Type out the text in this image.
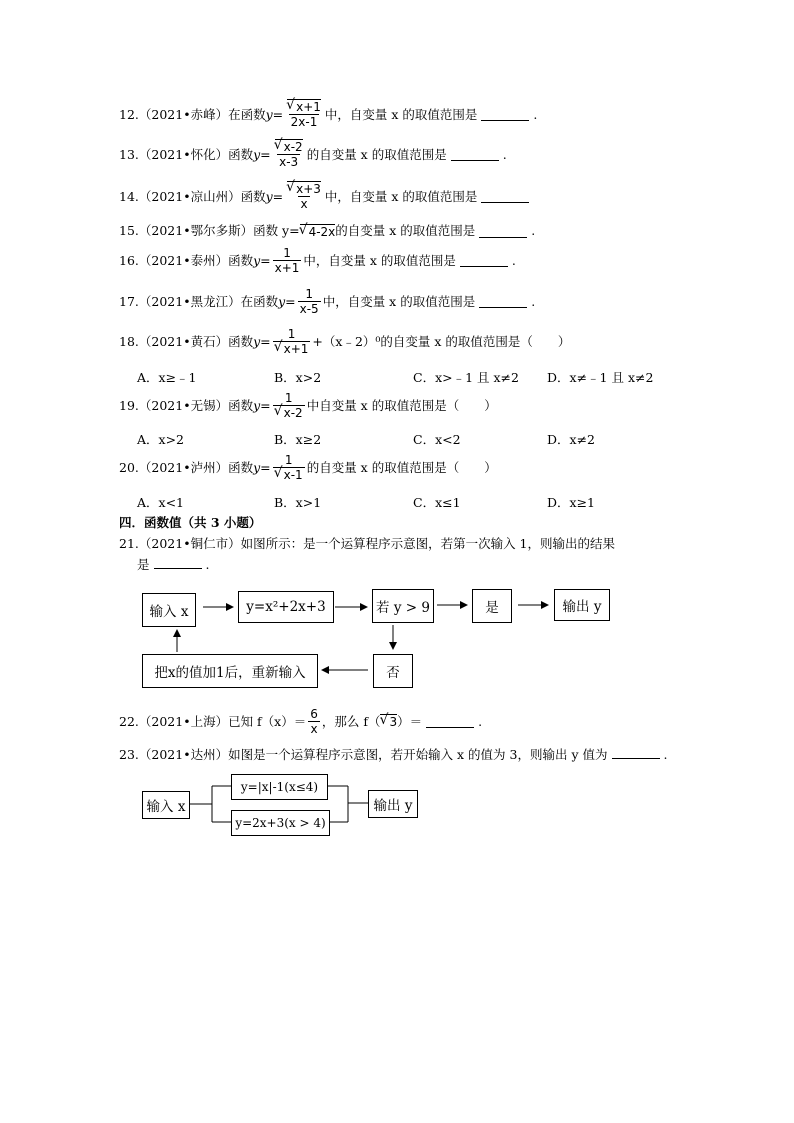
12.（2021•赤峰）在函数 y= √ $\frac{x+1}{2x-1}$ 中，自变量 x 的取值范围是	.
13.（2021•怀化）函数 y= √ $\frac{x-2}{x-3}$ 的自变量 x 的取值范围是	.
14.（2021•凉山州）函数 y= √ $\frac{x+3}{x}$ 中，自变量 x 的取值范围是
15.（2021•鄂尔多斯）函数 y= √ 4-2x 的自变量 x 的取值范围是	.
16.（2021•泰州）函数 $y= \frac{1}{x+1}$ 中，自变量 x 的取值范围是	.
17.（2021•黑龙江）在函数 $y= \frac{1}{x-5}$ 中，自变量 x 的取值范围是	.
18.（2021•黄石）函数 y= 1
√ x+1 +（x﹣2）⁰的自变量 x 的取值范围是（　　）
A．x≥﹣1	B．x>2	C．x>﹣1 且 x≠2 D．x≠﹣1 且 x≠2
19.（2021•无锡）函数 y= 1
√ x-2 中自变量 x 的取值范围是（　　）
A．x>2	B．x≥2	C．x<2	D．x≠2
20.（2021•泸州）函数 y= 1
√ x-1 的自变量 x 的取值范围是（　　）
A．x<1	B．x>1	C．x≤1	D．x≥1
四．函数值（共 3 小题）
21.（2021•铜仁市）如图所示：是一个运算程序示意图，若第一次输入 1，则输出的结果
是	.
输入 x	y=x²+2x+3	若 y > 9	是	输出 y
否
把x的值加1后，重新输入
22.（2021•上海）已知 $f(x)= \frac{6}{x}$ ，那么 f（ √ 3 ）＝	.
23.（2021•达州）如图是一个运算程序示意图，若开始输入 x 的值为 3，则输出 y 值为	.
输入 x
y=|x|-1(x≤4)
y=2x+3(x > 4)
输出 y
